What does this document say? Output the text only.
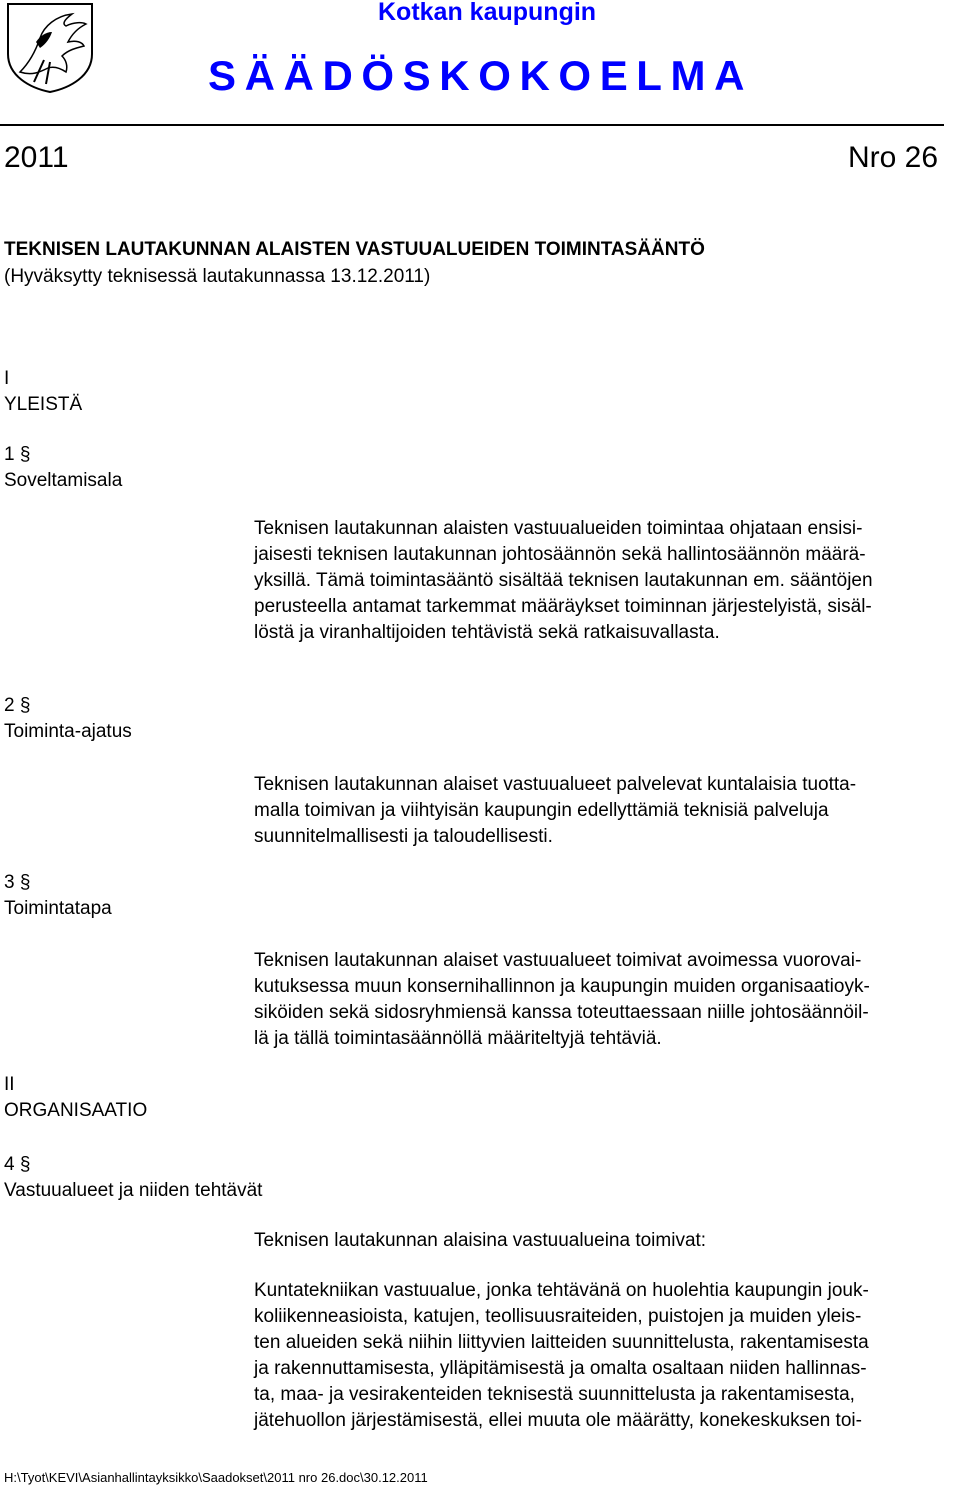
Kotkan kaupungin
SÄÄDÖSKOKOELMA
2011	Nro 26
TEKNISEN LAUTAKUNNAN ALAISTEN VASTUUALUEIDEN TOIMINTASÄÄNTÖ
(Hyväksytty teknisessä lautakunnassa 13.12.2011)
I
YLEISTÄ
1 §
Soveltamisala
Teknisen lautakunnan alaisten vastuualueiden toimintaa ohjataan ensisi-
jaisesti teknisen lautakunnan johtosäännön sekä hallintosäännön määrä-
yksillä. Tämä toimintasääntö sisältää teknisen lautakunnan em. sääntöjen
perusteella antamat tarkemmat määräykset toiminnan järjestelyistä, sisäl-
löstä ja viranhaltijoiden tehtävistä sekä ratkaisuvallasta.
2 §
Toiminta-ajatus
Teknisen lautakunnan alaiset vastuualueet palvelevat kuntalaisia tuotta-
malla toimivan ja viihtyisän kaupungin edellyttämiä teknisiä palveluja
suunnitelmallisesti ja taloudellisesti.
3 §
Toimintatapa
Teknisen lautakunnan alaiset vastuualueet toimivat avoimessa vuorovai-
kutuksessa muun konsernihallinnon ja kaupungin muiden organisaatioyk-
siköiden sekä sidosryhmiensä kanssa toteuttaessaan niille johtosäännöil-
lä ja tällä toimintasäännöllä määriteltyjä tehtäviä.
II
ORGANISAATIO
4 §
Vastuualueet ja niiden tehtävät
Teknisen lautakunnan alaisina vastuualueina toimivat:
Kuntatekniikan vastuualue, jonka tehtävänä on huolehtia kaupungin jouk-
koliikenneasioista, katujen, teollisuusraiteiden, puistojen ja muiden yleis-
ten alueiden sekä niihin liittyvien laitteiden suunnittelusta, rakentamisesta
ja rakennuttamisesta, ylläpitämisestä ja omalta osaltaan niiden hallinnas-
ta, maa- ja vesirakenteiden teknisestä suunnittelusta ja rakentamisesta,
jätehuollon järjestämisestä, ellei muuta ole määrätty, konekeskuksen toi-
H:\Tyot\KEVI\Asianhallintayksikko\Saadokset\2011 nro 26.doc\30.12.2011
